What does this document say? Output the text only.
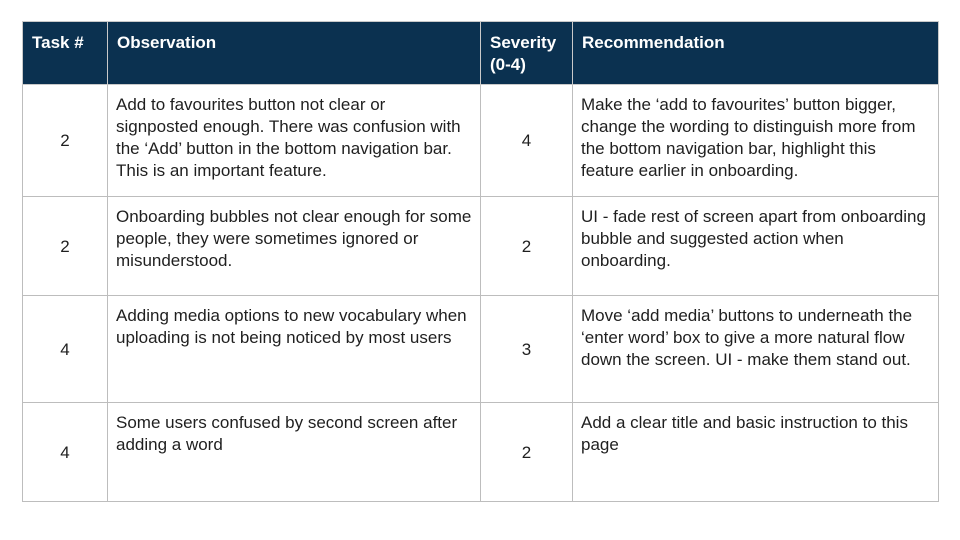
Task #	Observation	Severity (0-4)	Recommendation
2	Add to favourites button not clear or signposted enough. There was confusion with the ‘Add’ button in the bottom navigation bar. This is an important feature.	4	Make the ‘add to favourites’ button bigger, change the wording to distinguish more from the bottom navigation bar, highlight this feature earlier in onboarding.
2	Onboarding bubbles not clear enough for some people, they were sometimes ignored or misunderstood.	2	UI - fade rest of screen apart from onboarding bubble and suggested action when onboarding.
4	Adding media options to new vocabulary when uploading is not being noticed by most users	3	Move ‘add media’ buttons to underneath the ‘enter word’ box to give a more natural flow down the screen. UI - make them stand out.
4	Some users confused by second screen after adding a word	2	Add a clear title and basic instruction to this page
